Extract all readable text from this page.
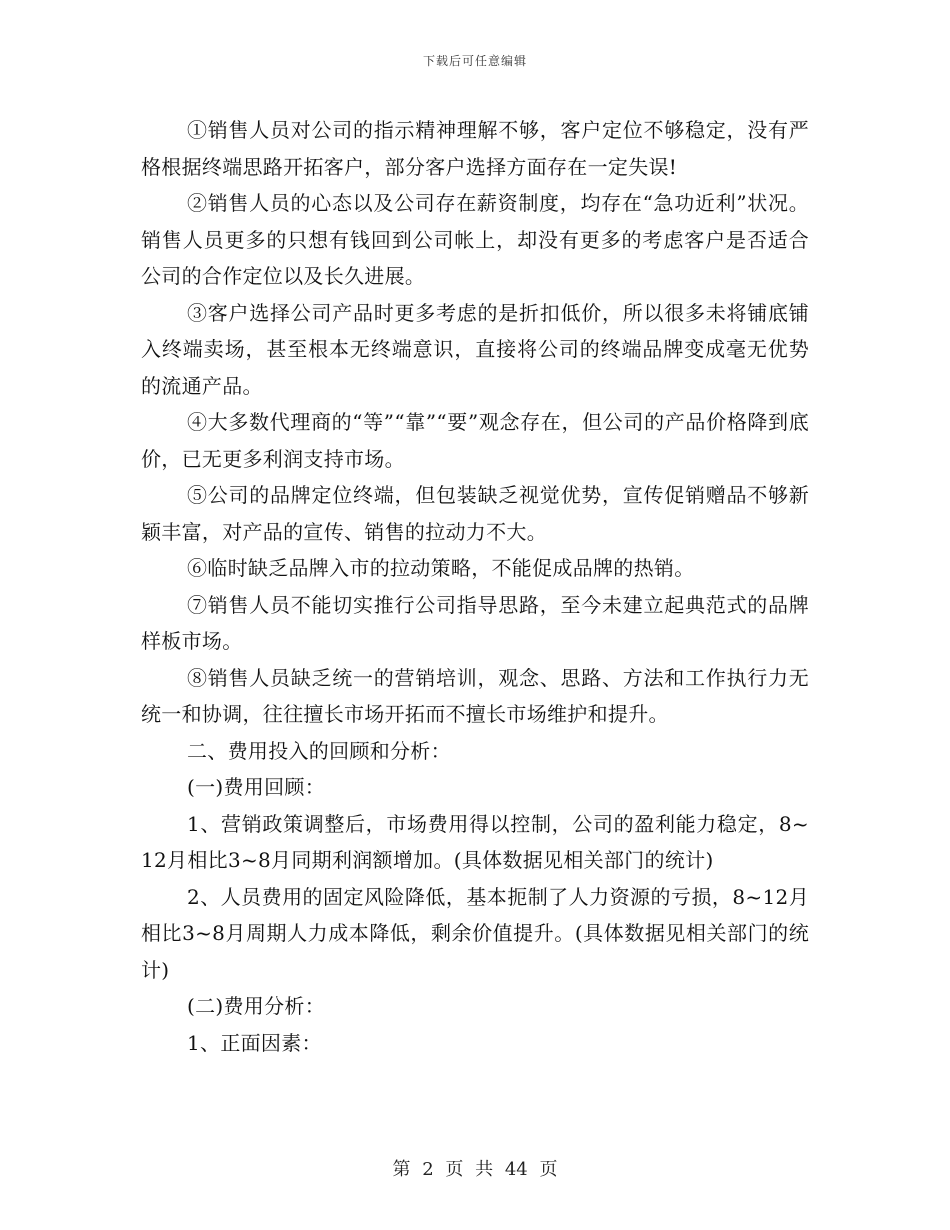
下载后可任意编辑

①销售人员对公司的指示精神理解不够，客户定位不够稳定，没有严格根据终端思路开拓客户，部分客户选择方面存在一定失误!

②销售人员的心态以及公司存在薪资制度，均存在“急功近利”状况。销售人员更多的只想有钱回到公司帐上，却没有更多的考虑客户是否适合公司的合作定位以及长久进展。

③客户选择公司产品时更多考虑的是折扣低价，所以很多未将铺底铺入终端卖场，甚至根本无终端意识，直接将公司的终端品牌变成毫无优势的流通产品。

④大多数代理商的“等”“靠”“要”观念存在，但公司的产品价格降到底价，已无更多利润支持市场。

⑤公司的品牌定位终端，但包装缺乏视觉优势，宣传促销赠品不够新颖丰富，对产品的宣传、销售的拉动力不大。

⑥临时缺乏品牌入市的拉动策略，不能促成品牌的热销。

⑦销售人员不能切实推行公司指导思路，至今未建立起典范式的品牌样板市场。

⑧销售人员缺乏统一的营销培训，观念、思路、方法和工作执行力无统一和协调，往往擅长市场开拓而不擅长市场维护和提升。

二、费用投入的回顾和分析：

(一)费用回顾：

1、营销政策调整后，市场费用得以控制，公司的盈利能力稳定，8~12月相比3~8月同期利润额增加。(具体数据见相关部门的统计)

2、人员费用的固定风险降低，基本扼制了人力资源的亏损，8~12月相比3~8月周期人力成本降低，剩余价值提升。(具体数据见相关部门的统计)

(二)费用分析：

1、正面因素：

第 2 页 共 44 页
